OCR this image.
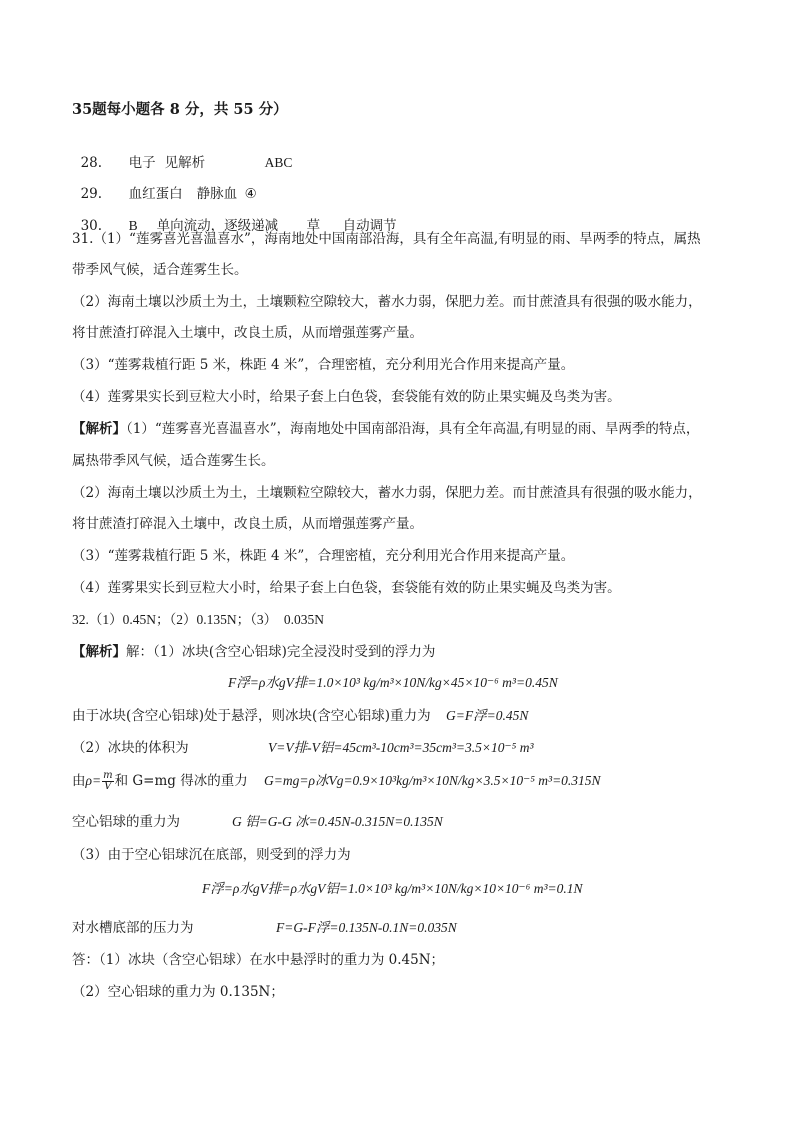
35题每小题各 8 分，共 55 分）

28. 电子 见解析	ABC

29. 血红蛋白 静脉血 ④

30. B 单向流动，逐级递减 草 自动调节

31.（1）“莲雾喜光喜温喜水”，海南地处中国南部沿海，具有全年高温,有明显的雨、旱两季的特点，属热
带季风气候，适合莲雾生长。
（2）海南土壤以沙质土为土，土壤颗粒空隙较大，蓄水力弱，保肥力差。而甘蔗渣具有很强的吸水能力，
将甘蔗渣打碎混入土壤中，改良土质，从而增强莲雾产量。
（3）“莲雾栽植行距 5 米，株距 4 米”，合理密植，充分利用光合作用来提高产量。
（4）莲雾果实长到豆粒大小时，给果子套上白色袋，套袋能有效的防止果实蝇及鸟类为害。
【解析】（1）“莲雾喜光喜温喜水”，海南地处中国南部沿海，具有全年高温,有明显的雨、旱两季的特点，
属热带季风气候，适合莲雾生长。
（2）海南土壤以沙质土为土，土壤颗粒空隙较大，蓄水力弱，保肥力差。而甘蔗渣具有很强的吸水能力，
将甘蔗渣打碎混入土壤中，改良土质，从而增强莲雾产量。
（3）“莲雾栽植行距 5 米，株距 4 米”，合理密植，充分利用光合作用来提高产量。
（4）莲雾果实长到豆粒大小时，给果子套上白色袋，套袋能有效的防止果实蝇及鸟类为害。
32.（1）0.45N；（2）0.135N；（3）  0.035N
【解析】解：（1）冰块(含空心铝球)完全浸没时受到的浮力为
F浮=ρ水gV排=1.0×10³ kg/m³×10N/kg×45×10⁻⁶ m³=0.45N
由于冰块(含空心铝球)处于悬浮，则冰块(含空心铝球)重力为 G=F浮=0.45N
（2）冰块的体积为	V=V排-V铝=45cm³-10cm³=35cm³=3.5×10⁻⁵ m³
由$\rho= \frac{m}{V}$ 和 G=mg 得冰的重力 G=mg=ρ冰Vg=0.9×10³kg/m³×10N/kg×3.5×10⁻⁵ m³=0.315N
空心铝球的重力为	G 铝=G-G 冰=0.45N-0.315N=0.135N
（3）由于空心铝球沉在底部，则受到的浮力为
F浮=ρ水gV排=ρ水gV铝=1.0×10³ kg/m³×10N/kg×10×10⁻⁶ m³=0.1N
对水槽底部的压力为	F=G-F浮=0.135N-0.1N=0.035N
答：（1）冰块（含空心铝球）在水中悬浮时的重力为 0.45N；
（2）空心铝球的重力为 0.135N；
